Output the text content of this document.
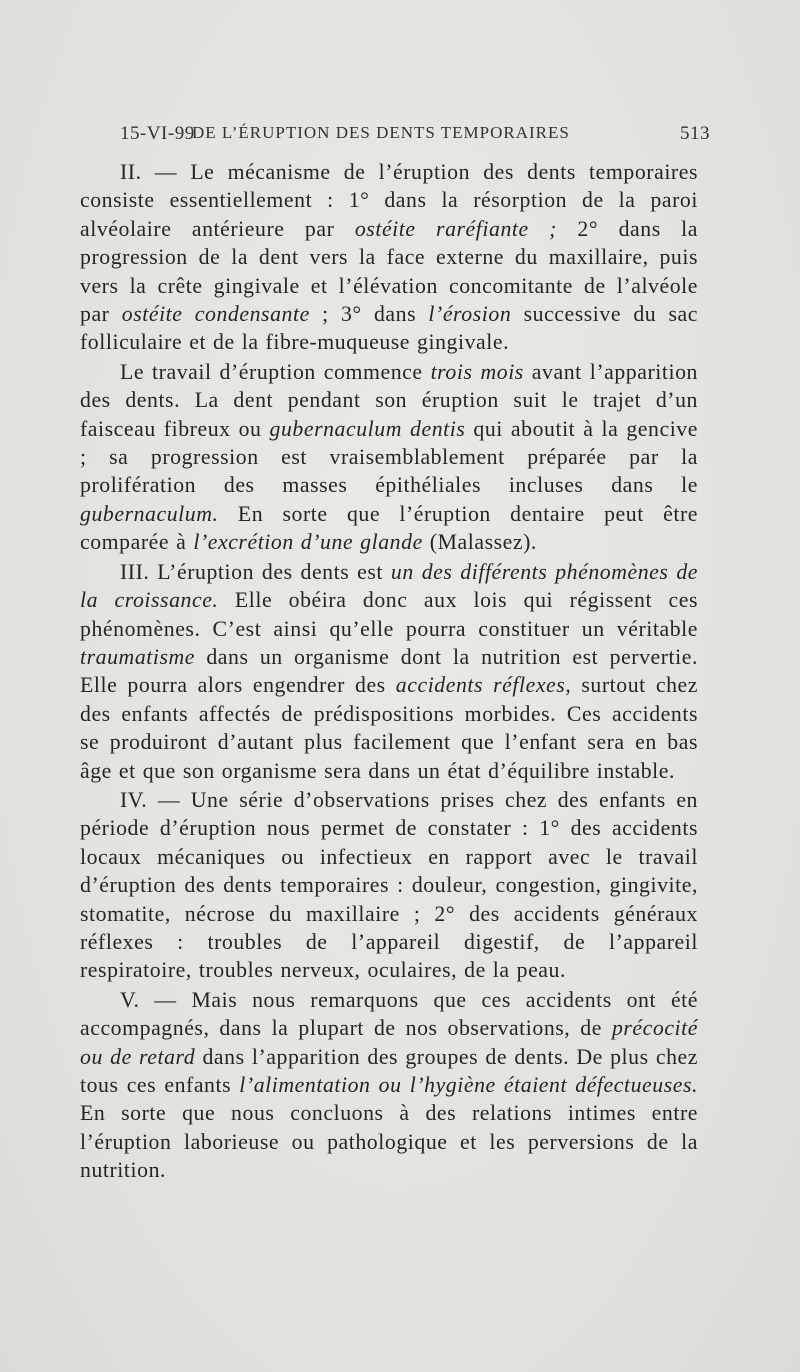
15-VI-99
DE L’ÉRUPTION DES DENTS TEMPORAIRES	513

II. — Le mécanisme de l’éruption des dents temporaires consiste essentiellement : 1° dans la résorption de la paroi alvéolaire antérieure par ostéite raréfiante ; 2° dans la progression de la dent vers la face externe du maxillaire, puis vers la crête gingivale et l’élévation concomitante de l’alvéole par ostéite condensante ; 3° dans l’érosion successive du sac folliculaire et de la fibre-muqueuse gingivale.

Le travail d’éruption commence trois mois avant l’apparition des dents. La dent pendant son éruption suit le trajet d’un faisceau fibreux ou gubernaculum dentis qui aboutit à la gencive ; sa progression est vraisemblablement préparée par la prolifération des masses épithéliales incluses dans le gubernaculum. En sorte que l’éruption dentaire peut être comparée à l’excrétion d’une glande (Malassez).

III. L’éruption des dents est un des différents phénomènes de la croissance. Elle obéira donc aux lois qui régissent ces phénomènes. C’est ainsi qu’elle pourra constituer un véritable traumatisme dans un organisme dont la nutrition est pervertie. Elle pourra alors engendrer des accidents réflexes, surtout chez des enfants affectés de prédispositions morbides. Ces accidents se produiront d’autant plus facilement que l’enfant sera en bas âge et que son organisme sera dans un état d’équilibre instable.

IV. — Une série d’observations prises chez des enfants en période d’éruption nous permet de constater : 1° des accidents locaux mécaniques ou infectieux en rapport avec le travail d’éruption des dents temporaires : douleur, congestion, gingivite, stomatite, nécrose du maxillaire ; 2° des accidents généraux réflexes : troubles de l’appareil digestif, de l’appareil respiratoire, troubles nerveux, oculaires, de la peau.

V. — Mais nous remarquons que ces accidents ont été accompagnés, dans la plupart de nos observations, de précocité ou de retard dans l’apparition des groupes de dents. De plus chez tous ces enfants l’alimentation ou l’hygiène étaient défectueuses. En sorte que nous concluons à des relations intimes entre l’éruption laborieuse ou pathologique et les perversions de la nutrition.
